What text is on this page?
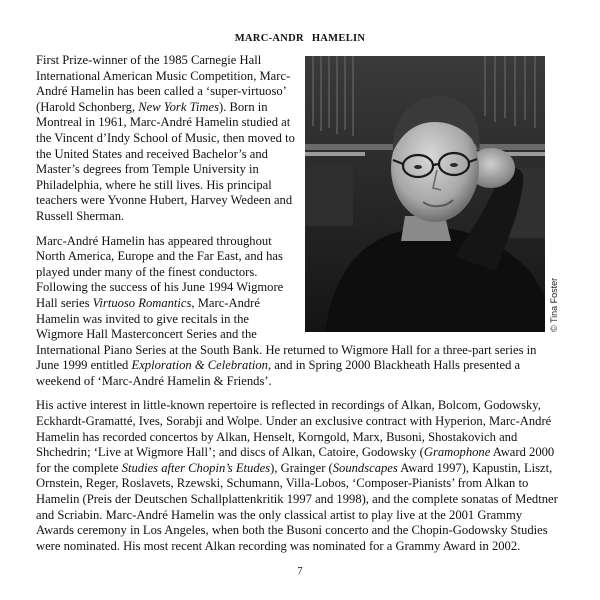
MARC-ANDR HAMELIN
© Tina Foster

First Prize-winner of the 1985 Carnegie Hall International American Music Competition, Marc-André Hamelin has been called a ‘super-virtuoso’ (Harold Schonberg, New York Times). Born in Montreal in 1961, Marc-André Hamelin studied at the Vincent d’Indy School of Music, then moved to the United States and received Bachelor’s and Master’s degrees from Temple University in Philadelphia, where he still lives. His principal teachers were Yvonne Hubert, Harvey Wedeen and Russell Sherman.

Marc-André Hamelin has appeared throughout North America, Europe and the Far East, and has played under many of the finest conductors. Following the success of his June 1994 Wigmore Hall series Virtuoso Romantics, Marc-André Hamelin was invited to give recitals in the Wigmore Hall Masterconcert Series and the International Piano Series at the South Bank. He returned to Wigmore Hall for a three-part series in June 1999 entitled Exploration & Celebration, and in Spring 2000 Blackheath Halls presented a weekend of ‘Marc-André Hamelin & Friends’.

His active interest in little-known repertoire is reflected in recordings of Alkan, Bolcom, Godowsky, Eckhardt-Gramatté, Ives, Sorabji and Wolpe. Under an exclusive contract with Hyperion, Marc-André Hamelin has recorded concertos by Alkan, Henselt, Korngold, Marx, Busoni, Shostakovich and Shchedrin; ‘Live at Wigmore Hall’; and discs of Alkan, Catoire, Godowsky (Gramophone Award 2000 for the complete Studies after Chopin’s Etudes), Grainger (Soundscapes Award 1997), Kapustin, Liszt, Ornstein, Reger, Roslavets, Rzewski, Schumann, Villa-Lobos, ‘Composer-Pianists’ from Alkan to Hamelin (Preis der Deutschen Schallplattenkritik 1997 and 1998), and the complete sonatas of Medtner and Scriabin. Marc-André Hamelin was the only classical artist to play live at the 2001 Grammy Awards ceremony in Los Angeles, when both the Busoni concerto and the Chopin-Godowsky Studies were nominated. His most recent Alkan recording was nominated for a Grammy Award in 2002.

7
